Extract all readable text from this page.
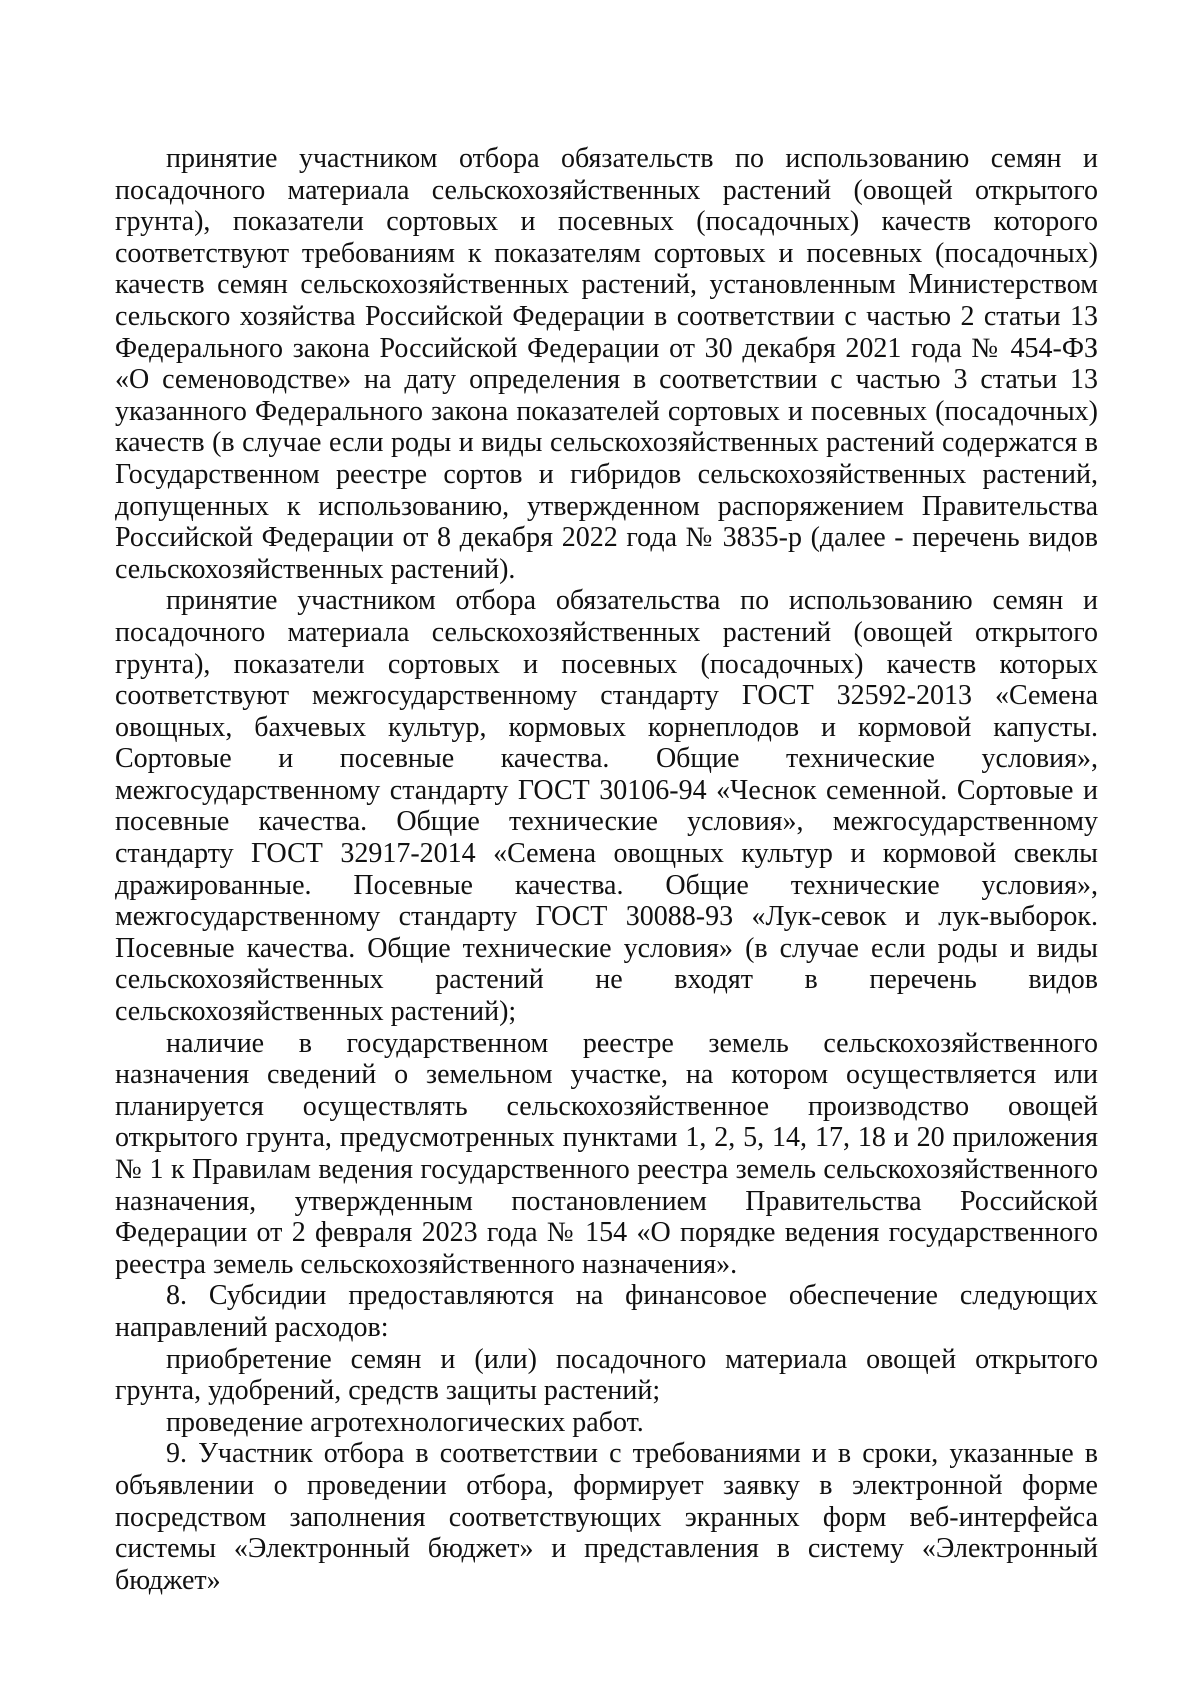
принятие участником отбора обязательств по использованию семян и посадочного материала сельскохозяйственных растений (овощей открытого грунта), показатели сортовых и посевных (посадочных) качеств которого соответствуют требованиям к показателям сортовых и посевных (посадочных) качеств семян сельскохозяйственных растений, установленным Министерством сельского хозяйства Российской Федерации в соответствии с частью 2 статьи 13 Федерального закона Российской Федерации от 30 декабря 2021 года № 454-ФЗ «О семеноводстве» на дату определения в соответствии с частью 3 статьи 13 указанного Федерального закона показателей сортовых и посевных (посадочных) качеств (в случае если роды и виды сельскохозяйственных растений содержатся в Государственном реестре сортов и гибридов сельскохозяйственных растений, допущенных к использованию, утвержденном распоряжением Правительства Российской Федерации от 8 декабря 2022 года № 3835-р (далее - перечень видов сельскохозяйственных растений).

принятие участником отбора обязательства по использованию семян и посадочного материала сельскохозяйственных растений (овощей открытого грунта), показатели сортовых и посевных (посадочных) качеств которых соответствуют межгосударственному стандарту ГОСТ 32592-2013 «Семена овощных, бахчевых культур, кормовых корнеплодов и кормовой капусты. Сортовые и посевные качества. Общие технические условия», межгосударственному стандарту ГОСТ 30106-94 «Чеснок семенной. Сортовые и посевные качества. Общие технические условия», межгосударственному стандарту ГОСТ 32917-2014 «Семена овощных культур и кормовой свеклы дражированные. Посевные качества. Общие технические условия», межгосударственному стандарту ГОСТ 30088-93 «Лук-севок и лук-выборок. Посевные качества. Общие технические условия» (в случае если роды и виды сельскохозяйственных растений не входят в перечень видов сельскохозяйственных растений);

наличие в государственном реестре земель сельскохозяйственного назначения сведений о земельном участке, на котором осуществляется или планируется осуществлять сельскохозяйственное производство овощей открытого грунта, предусмотренных пунктами 1, 2, 5, 14, 17, 18 и 20 приложения № 1 к Правилам ведения государственного реестра земель сельскохозяйственного назначения, утвержденным постановлением Правительства Российской Федерации от 2 февраля 2023 года № 154 «О порядке ведения государственного реестра земель сельскохозяйственного назначения».

8. Субсидии предоставляются на финансовое обеспечение следующих направлений расходов:

приобретение семян и (или) посадочного материала овощей открытого грунта, удобрений, средств защиты растений;

проведение агротехнологических работ.

9. Участник отбора в соответствии с требованиями и в сроки, указанные в объявлении о проведении отбора, формирует заявку в электронной форме посредством заполнения соответствующих экранных форм веб-интерфейса системы «Электронный бюджет» и представления в систему «Электронный бюджет»
